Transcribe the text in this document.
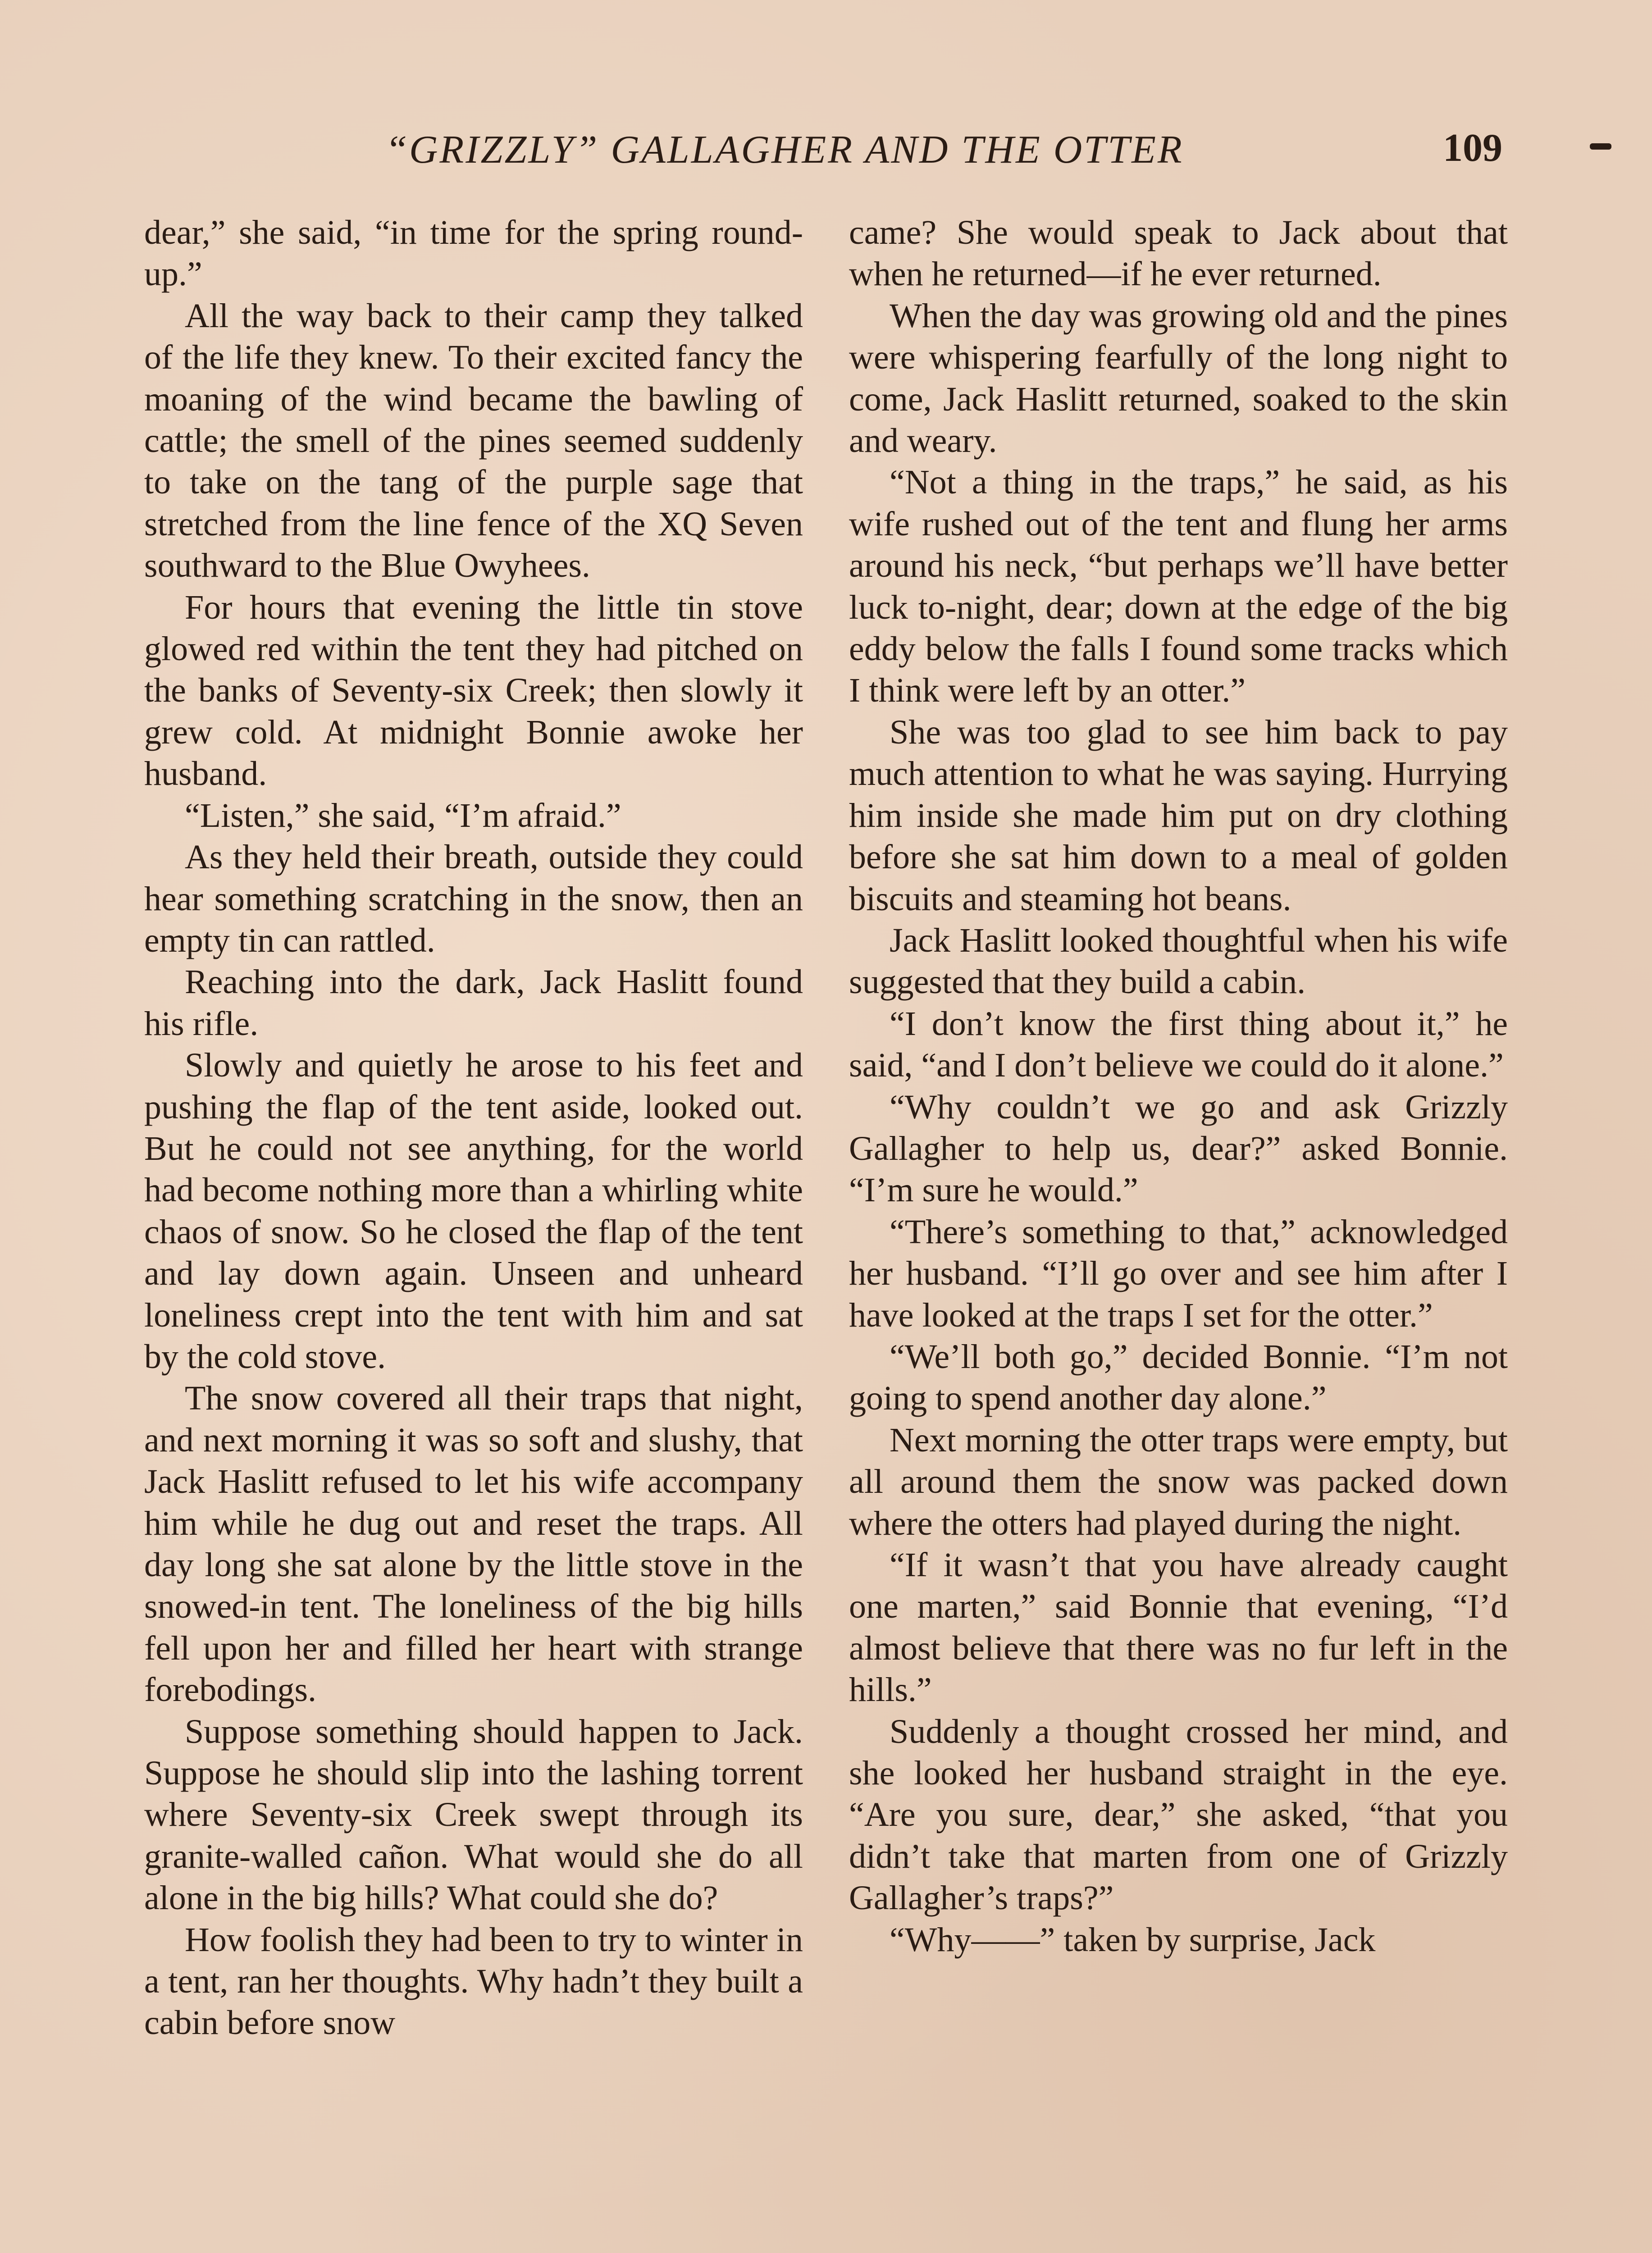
“GRIZZLY” GALLAGHER AND THE OTTER	109

dear,” she said, “in time for the spring round-up.”

All the way back to their camp they talked of the life they knew. To their excited fancy the moaning of the wind became the bawling of cattle; the smell of the pines seemed suddenly to take on the tang of the purple sage that stretched from the line fence of the XQ Seven southward to the Blue Owyhees.

For hours that evening the little tin stove glowed red within the tent they had pitched on the banks of Seventy-six Creek; then slowly it grew cold. At midnight Bonnie awoke her husband.

“Listen,” she said, “I’m afraid.”

As they held their breath, outside they could hear something scratching in the snow, then an empty tin can rattled.

Reaching into the dark, Jack Haslitt found his rifle.

Slowly and quietly he arose to his feet and pushing the flap of the tent aside, looked out. But he could not see anything, for the world had become nothing more than a whirling white chaos of snow. So he closed the flap of the tent and lay down again. Unseen and unheard loneliness crept into the tent with him and sat by the cold stove.

The snow covered all their traps that night, and next morning it was so soft and slushy, that Jack Haslitt refused to let his wife accompany him while he dug out and reset the traps. All day long she sat alone by the little stove in the snowed-in tent. The loneliness of the big hills fell upon her and filled her heart with strange forebodings.

Suppose something should happen to Jack. Suppose he should slip into the lashing torrent where Seventy-six Creek swept through its granite-walled cañon. What would she do all alone in the big hills? What could she do?

How foolish they had been to try to winter in a tent, ran her thoughts. Why hadn’t they built a cabin before snow

came? She would speak to Jack about that when he returned—if he ever returned.

When the day was growing old and the pines were whispering fearfully of the long night to come, Jack Haslitt returned, soaked to the skin and weary.

“Not a thing in the traps,” he said, as his wife rushed out of the tent and flung her arms around his neck, “but perhaps we’ll have better luck to-night, dear; down at the edge of the big eddy below the falls I found some tracks which I think were left by an otter.”

She was too glad to see him back to pay much attention to what he was saying. Hurrying him inside she made him put on dry clothing before she sat him down to a meal of golden biscuits and steaming hot beans.

Jack Haslitt looked thoughtful when his wife suggested that they build a cabin.

“I don’t know the first thing about it,” he said, “and I don’t believe we could do it alone.”

“Why couldn’t we go and ask Grizzly Gallagher to help us, dear?” asked Bonnie. “I’m sure he would.”

“There’s something to that,” acknowledged her husband. “I’ll go over and see him after I have looked at the traps I set for the otter.”

“We’ll both go,” decided Bonnie. “I’m not going to spend another day alone.”

Next morning the otter traps were empty, but all around them the snow was packed down where the otters had played during the night.

“If it wasn’t that you have already caught one marten,” said Bonnie that evening, “I’d almost believe that there was no fur left in the hills.”

Suddenly a thought crossed her mind, and she looked her husband straight in the eye. “Are you sure, dear,” she asked, “that you didn’t take that marten from one of Grizzly Gallagher’s traps?”

“Why——” taken by surprise, Jack
